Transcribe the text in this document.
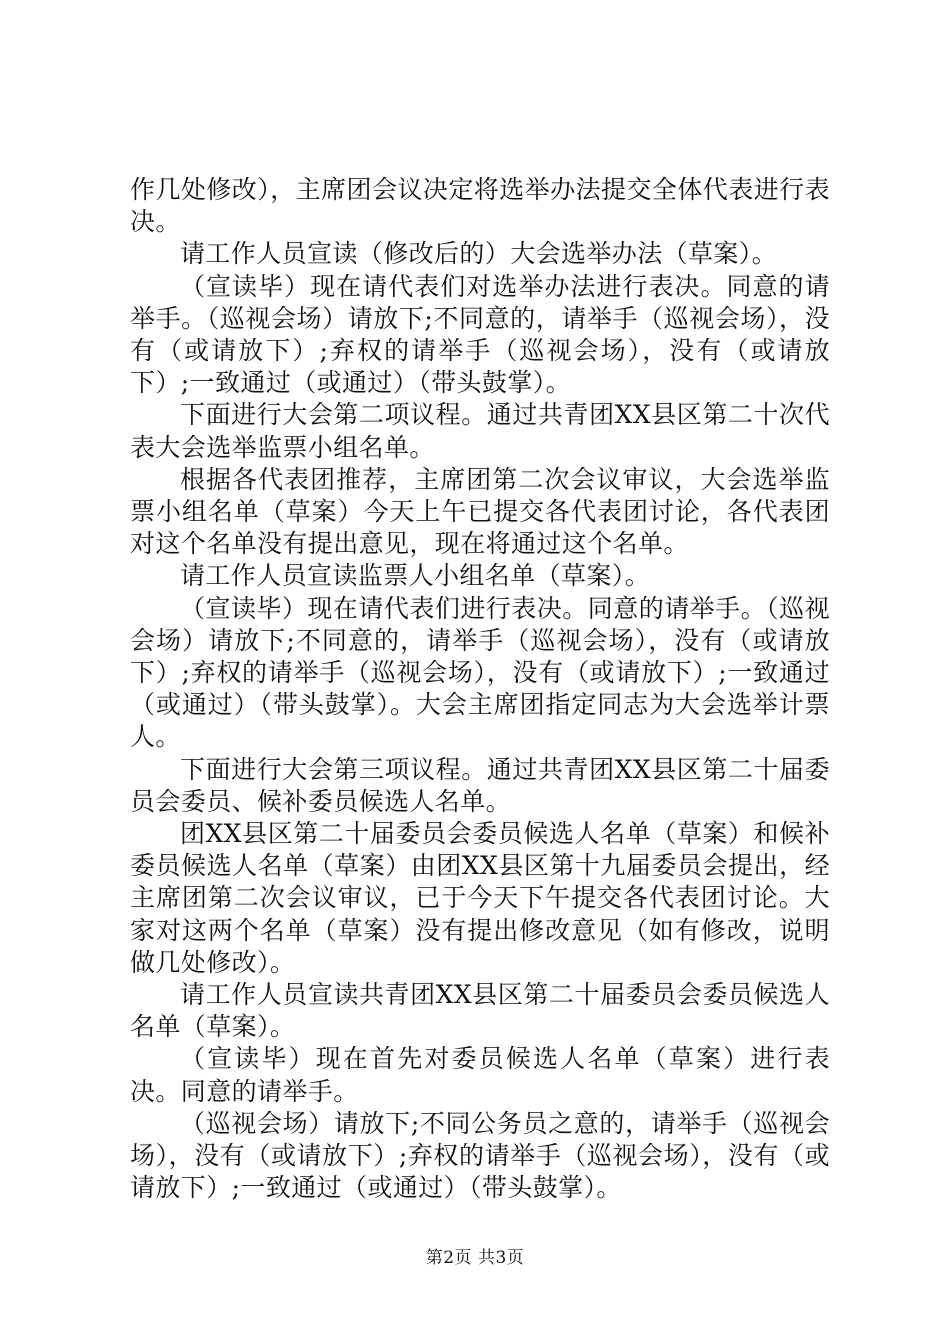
作几处修改），主席团会议决定将选举办法提交全体代表进行表决。

请工作人员宣读（修改后的）大会选举办法（草案）。

（宣读毕）现在请代表们对选举办法进行表决。同意的请举手。（巡视会场）请放下;不同意的，请举手（巡视会场），没有（或请放下）;弃权的请举手（巡视会场），没有（或请放下）;一致通过（或通过）（带头鼓掌）。

下面进行大会第二项议程。通过共青团XX县区第二十次代表大会选举监票小组名单。

根据各代表团推荐，主席团第二次会议审议，大会选举监票小组名单（草案）今天上午已提交各代表团讨论，各代表团对这个名单没有提出意见，现在将通过这个名单。

请工作人员宣读监票人小组名单（草案）。

（宣读毕）现在请代表们进行表决。同意的请举手。（巡视会场）请放下;不同意的，请举手（巡视会场），没有（或请放下）;弃权的请举手（巡视会场），没有（或请放下）;一致通过（或通过）（带头鼓掌）。大会主席团指定同志为大会选举计票人。

下面进行大会第三项议程。通过共青团XX县区第二十届委员会委员、候补委员候选人名单。

团XX县区第二十届委员会委员候选人名单（草案）和候补委员候选人名单（草案）由团XX县区第十九届委员会提出，经主席团第二次会议审议，已于今天下午提交各代表团讨论。大家对这两个名单（草案）没有提出修改意见（如有修改，说明做几处修改）。

请工作人员宣读共青团XX县区第二十届委员会委员候选人名单（草案）。

（宣读毕）现在首先对委员候选人名单（草案）进行表决。同意的请举手。

（巡视会场）请放下;不同公务员之意的，请举手（巡视会场），没有（或请放下）;弃权的请举手（巡视会场），没有（或请放下）;一致通过（或通过）（带头鼓掌）。

第2页 共3页
